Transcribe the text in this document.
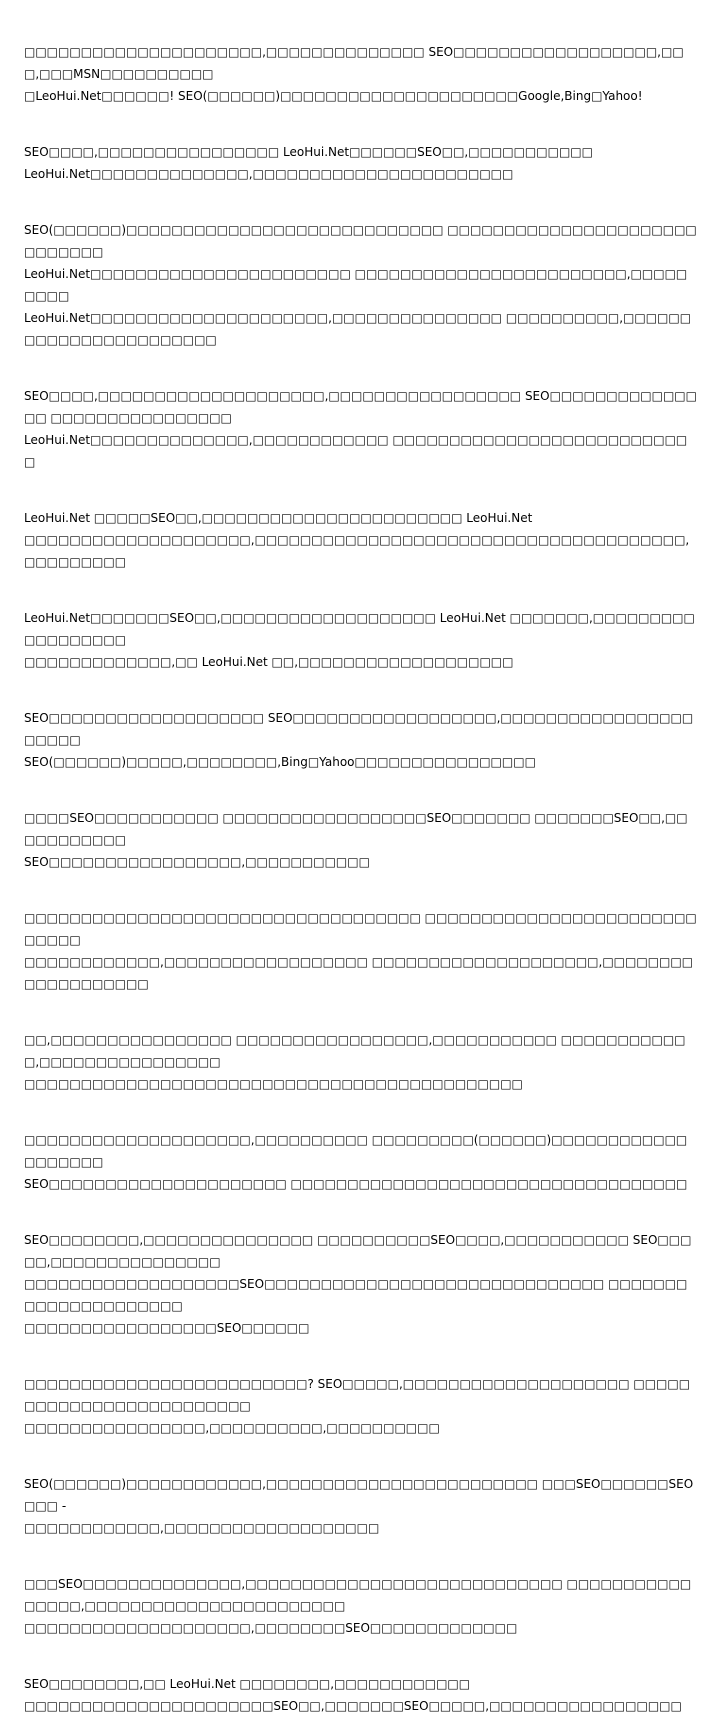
□□□□□□□□□□□□□□□□□□□□□,□□□□□□□□□□□□□□ SEO□□□□□□□□□□□□□□□□□□,□□□,□□□MSN□□□□□□□□□□
□LeoHui.Net□□□□□□! SEO(□□□□□□)□□□□□□□□□□□□□□□□□□□□□Google,Bing□Yahoo!

SEO□□□□,□□□□□□□□□□□□□□□□ LeoHui.Net□□□□□□SEO□□,□□□□□□□□□□□
LeoHui.Net□□□□□□□□□□□□□□,□□□□□□□□□□□□□□□□□□□□□□□

SEO(□□□□□□)□□□□□□□□□□□□□□□□□□□□□□□□□□□□ □□□□□□□□□□□□□□□□□□□□□□□□□□□□□
LeoHui.Net□□□□□□□□□□□□□□□□□□□□□□□ □□□□□□□□□□□□□□□□□□□□□□□□,□□□□□□□□□
LeoHui.Net□□□□□□□□□□□□□□□□□□□□□,□□□□□□□□□□□□□□□ □□□□□□□□□□,□□□□□□□□□□□□□□□□□□□□□□□

SEO□□□□,□□□□□□□□□□□□□□□□□□□□,□□□□□□□□□□□□□□□□□ SEO□□□□□□□□□□□□□□□ □□□□□□□□□□□□□□□□
LeoHui.Net□□□□□□□□□□□□□□,□□□□□□□□□□□□ □□□□□□□□□□□□□□□□□□□□□□□□□□□

LeoHui.Net □□□□□SEO□□,□□□□□□□□□□□□□□□□□□□□□□□ LeoHui.Net
□□□□□□□□□□□□□□□□□□□□,□□□□□□□□□□□□□□□□□□□□□□□□□□□□□□□□□□□□□□,□□□□□□□□□

LeoHui.Net□□□□□□□SEO□□,□□□□□□□□□□□□□□□□□□□ LeoHui.Net □□□□□□□,□□□□□□□□□□□□□□□□□□
□□□□□□□□□□□□□,□□ LeoHui.Net □□,□□□□□□□□□□□□□□□□□□□

SEO□□□□□□□□□□□□□□□□□□□ SEO□□□□□□□□□□□□□□□□□□,□□□□□□□□□□□□□□□□□□□□□□
SEO(□□□□□□)□□□□□,□□□□□□□□,Bing□Yahoo□□□□□□□□□□□□□□□□

□□□□SEO□□□□□□□□□□□ □□□□□□□□□□□□□□□□□□SEO□□□□□□□ □□□□□□□SEO□□,□□□□□□□□□□□
SEO□□□□□□□□□□□□□□□□□,□□□□□□□□□□□

□□□□□□□□□□□□□□□□□□□□□□□□□□□□□□□□□□□ □□□□□□□□□□□□□□□□□□□□□□□□□□□□□
□□□□□□□□□□□□,□□□□□□□□□□□□□□□□□□ □□□□□□□□□□□□□□□□□□□□,□□□□□□□□□□□□□□□□□□□

□□,□□□□□□□□□□□□□□□□ □□□□□□□□□□□□□□□□□,□□□□□□□□□□□ □□□□□□□□□□□□,□□□□□□□□□□□□□□□□
□□□□□□□□□□□□□□□□□□□□□□□□□□□□□□□□□□□□□□□□□□□□

□□□□□□□□□□□□□□□□□□□□,□□□□□□□□□□ □□□□□□□□□(□□□□□□)□□□□□□□□□□□□□□□□□□□
SEO□□□□□□□□□□□□□□□□□□□□□ □□□□□□□□□□□□□□□□□□□□□□□□□□□□□□□□□□□

SEO□□□□□□□□,□□□□□□□□□□□□□□□ □□□□□□□□□□SEO□□□□,□□□□□□□□□□□ SEO□□□□□,□□□□□□□□□□□□□□□
□□□□□□□□□□□□□□□□□□□SEO□□□□□□□□□□□□□□□□□□□□□□□□□□□□□□ □□□□□□□□□□□□□□□□□□□□□
□□□□□□□□□□□□□□□□□SEO□□□□□□

□□□□□□□□□□□□□□□□□□□□□□□□□? SEO□□□□□,□□□□□□□□□□□□□□□□□□□□ □□□□□□□□□□□□□□□□□□□□□□□□□
□□□□□□□□□□□□□□□□,□□□□□□□□□□,□□□□□□□□□□

SEO(□□□□□□)□□□□□□□□□□□□,□□□□□□□□□□□□□□□□□□□□□□□□ □□□SEO□□□□□□SEO□□□ -
□□□□□□□□□□□□,□□□□□□□□□□□□□□□□□□□

□□□SEO□□□□□□□□□□□□□□,□□□□□□□□□□□□□□□□□□□□□□□□□□□□ □□□□□□□□□□□□□□□□,□□□□□□□□□□□□□□□□□□□□□□□
□□□□□□□□□□□□□□□□□□□□,□□□□□□□□SEO□□□□□□□□□□□□□

SEO□□□□□□□□,□□ LeoHui.Net □□□□□□□□,□□□□□□□□□□□□
□□□□□□□□□□□□□□□□□□□□□□SEO□□,□□□□□□□SEO□□□□□,□□□□□□□□□□□□□□□□□
